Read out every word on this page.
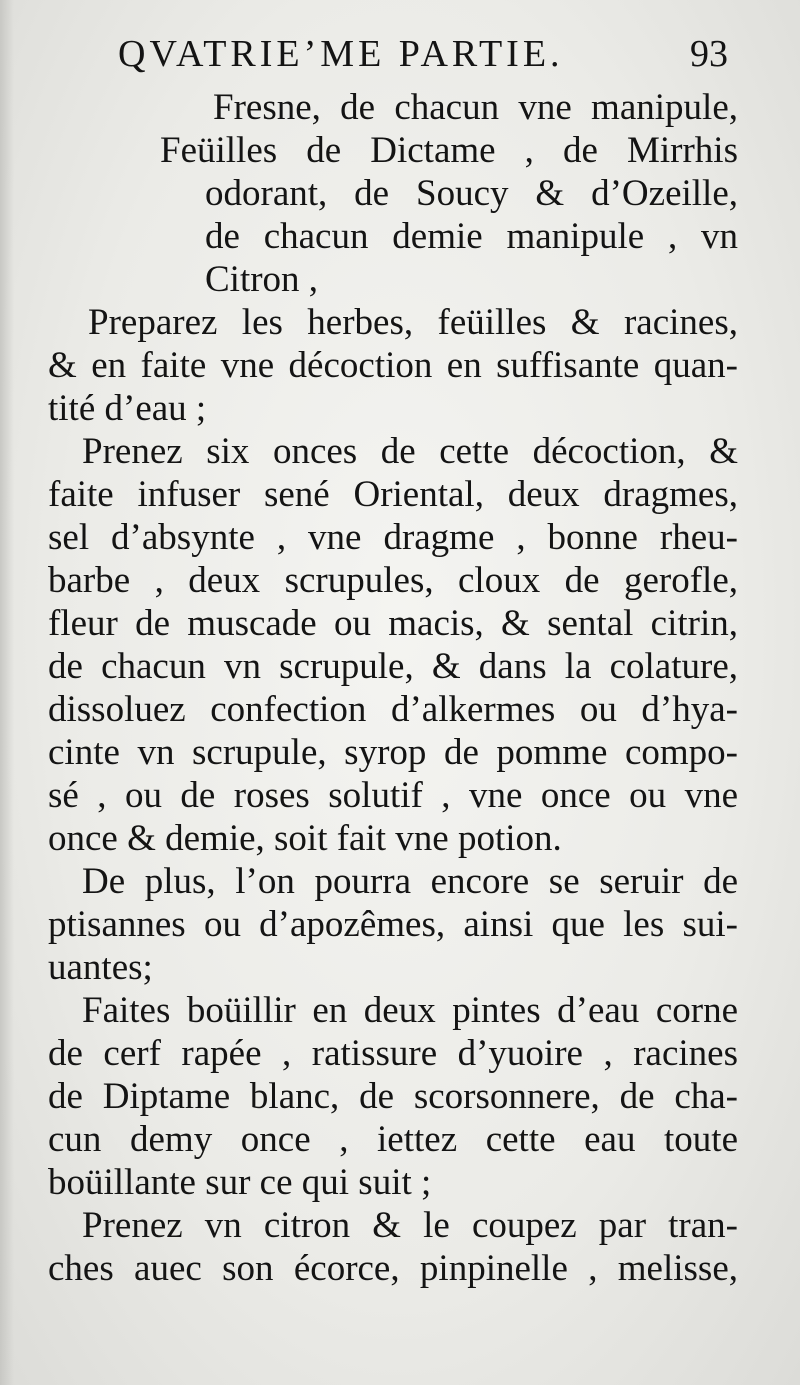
QVATRIE’ME PARTIE.	93
Fresne, de chacun vne manipule,
Feüilles de Dictame , de Mirrhis
odorant, de Soucy & d’Ozeille,
de chacun demie manipule , vn
Citron ,
Preparez les herbes, feüilles & racines,
& en faite vne décoction en suffisante quan-
tité d’eau ;
Prenez six onces de cette décoction, &
faite infuser sené Oriental, deux dragmes,
sel d’absynte , vne dragme , bonne rheu-
barbe , deux scrupules, cloux de gerofle,
fleur de muscade ou macis, & sental citrin,
de chacun vn scrupule, & dans la colature,
dissoluez confection d’alkermes ou d’hya-
cinte vn scrupule, syrop de pomme compo-
sé , ou de roses solutif , vne once ou vne
once & demie, soit fait vne potion.
De plus, l’on pourra encore se seruir de
ptisannes ou d’apozêmes, ainsi que les sui-
uantes;
Faites boüillir en deux pintes d’eau corne
de cerf rapée , ratissure d’yuoire , racines
de Diptame blanc, de scorsonnere, de cha-
cun demy once , iettez cette eau toute
boüillante sur ce qui suit ;
Prenez vn citron & le coupez par tran-
ches auec son écorce, pinpinelle , melisse,
